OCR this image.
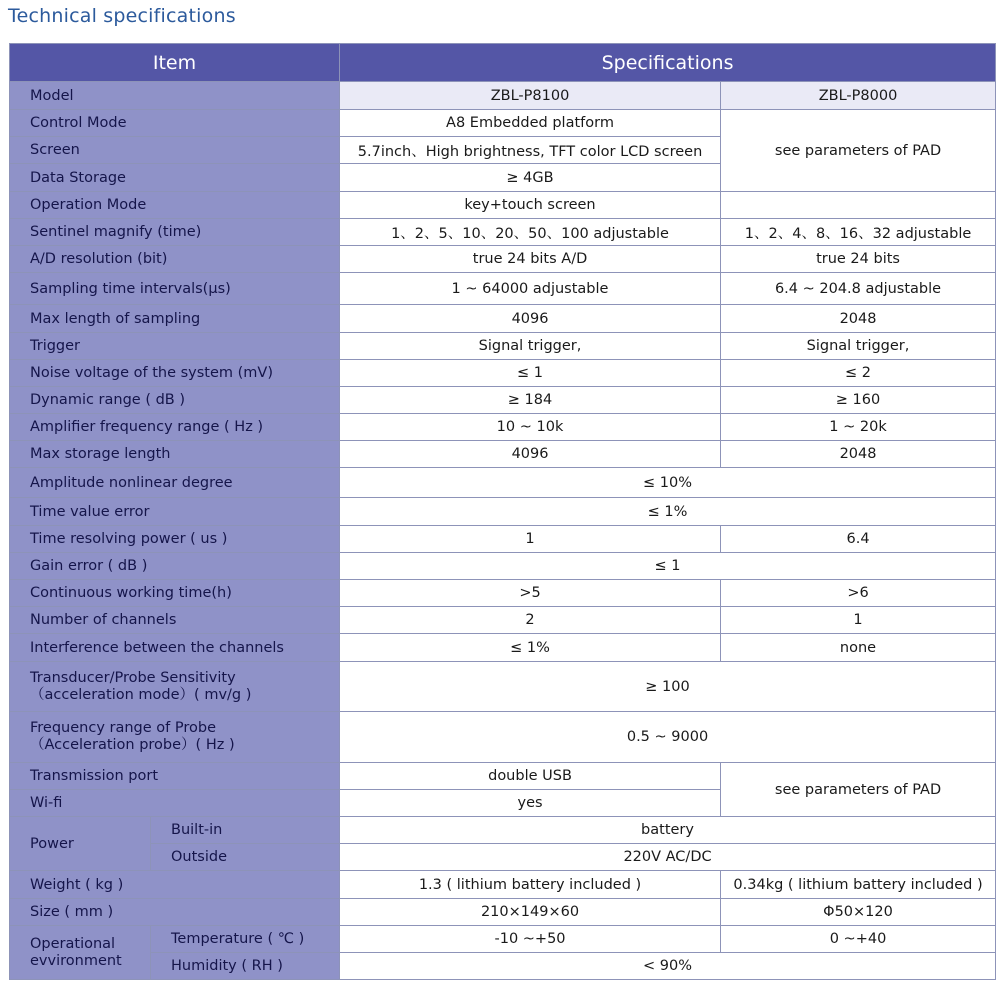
Technical specifications
Item		Specifications	
Model		ZBL-P8100	ZBL-P8000
Control Mode		A8 Embedded platform	see parameters of PAD
Screen		5.7inch、High brightness, TFT color LCD screen	
Data Storage		≥ 4GB	
Operation Mode		key+touch screen	
Sentinel magnify (time)		1、2、5、10、20、50、100 adjustable	1、2、4、8、16、32 adjustable
A/D resolution (bit)		true 24 bits A/D	true 24 bits
Sampling time intervals(μs)		1 ~ 64000 adjustable	6.4 ~ 204.8 adjustable
Max length of sampling		4096	2048
Trigger		Signal trigger,	Signal trigger,
Noise voltage of the system (mV)		≤ 1	≤ 2
Dynamic range ( dB )		≥ 184	≥ 160
Amplifier frequency range ( Hz )		10 ~ 10k	1 ~ 20k
Max storage length		4096	2048
Amplitude nonlinear degree		≤ 10%	
Time value error		≤ 1%	
Time resolving power ( us )		1	6.4
Gain error ( dB )		≤ 1	
Continuous working time(h)		>5	>6
Number of channels		2	1
Interference between the channels		≤ 1%	none

Transducer/Probe Sensitivity
（acceleration mode）( mv/g )		≥ 100	

Frequency range of Probe
（Acceleration probe）( Hz )		0.5 ~ 9000	
Transmission port		double USB	see parameters of PAD
Wi-fi		yes	
Power	Built-in	battery	
	Outside	220V AC/DC	
Weight ( kg )		1.3 ( lithium battery included )	0.34kg ( lithium battery included )
Size ( mm )		210×149×60	Φ50×120

Operational
evvironment	Temperature ( ℃ )	-10 ~+50	0 ~+40
	Humidity ( RH )	< 90%	
